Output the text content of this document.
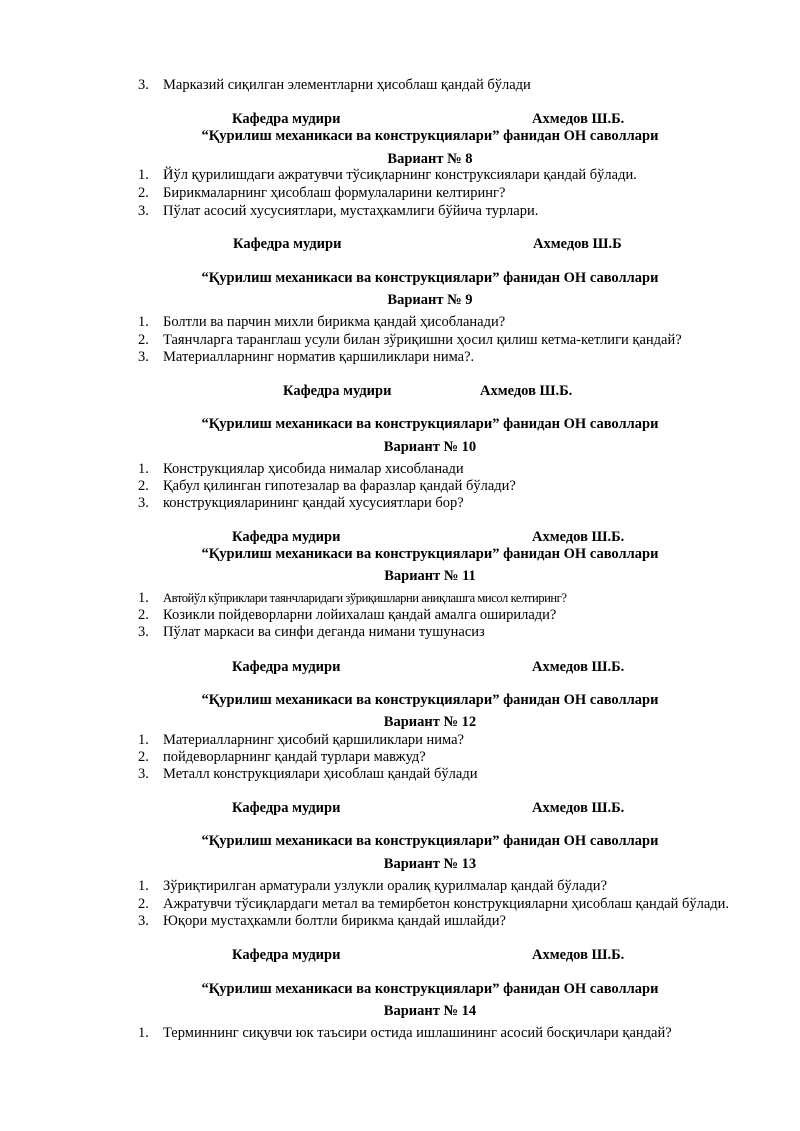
3. Марказий сиқилган элементларни ҳисоблаш қандай бўлади
Кафедра мудири	Ахмедов Ш.Б.
“Қурилиш механикаси ва конструкциялари” фанидан ОН саволлари
Вариант № 8
1. Йўл қурилишдаги ажратувчи тўсиқларнинг конструксиялари қандай бўлади.
2. Бирикмаларнинг ҳисоблаш формулаларини келтиринг?
3. Пўлат асосий хусусиятлари, мустаҳкамлиги бўйича турлари.
Кафедра мудири	Ахмедов Ш.Б
“Қурилиш механикаси ва конструкциялари” фанидан ОН саволлари
Вариант № 9
1. Болтли ва парчин михли бирикма қандай ҳисобланади?
2. Таянчларга таранглаш усули билан зўриқишни ҳосил қилиш кетма-кетлиги қандай?
3. Материалларнинг норматив қаршиликлари нима?.
Кафедра мудири	Ахмедов Ш.Б.
“Қурилиш механикаси ва конструкциялари” фанидан ОН саволлари
Вариант № 10
1. Конструкциялар ҳисобида нималар хисобланади
2. Қабул қилинган гипотезалар ва фаразлар қандай бўлади?
3. конструкцияларининг қандай хусусиятлари бор?
Кафедра мудири	Ахмедов Ш.Б.
“Қурилиш механикаси ва конструкциялари” фанидан ОН саволлари
Вариант № 11
1. Автойўл кўприклари таянчларидаги зўриқишларни аниқлашга мисол келтиринг?
2. Козикли пойдеворларни лойихалаш қандай амалга оширилади?
3. Пўлат маркаси ва синфи деганда нимани тушунасиз
Кафедра мудири	Ахмедов Ш.Б.
“Қурилиш механикаси ва конструкциялари” фанидан ОН саволлари
Вариант № 12
1. Материалларнинг ҳисобий қаршиликлари нима?
2. пойдеворларнинг қандай турлари мавжуд?
3. Металл конструкциялари ҳисоблаш қандай бўлади
Кафедра мудири	Ахмедов Ш.Б.
“Қурилиш механикаси ва конструкциялари” фанидан ОН саволлари
Вариант № 13
1. Зўриқтирилган арматурали узлукли оралиқ қурилмалар қандай бўлади?
2. Ажратувчи тўсиқлардаги метал ва темирбетон конструкцияларни ҳисоблаш қандай бўлади.
3. Юқори мустаҳкамли болтли бирикма қандай ишлайди?
Кафедра мудири	Ахмедов Ш.Б.
“Қурилиш механикаси ва конструкциялари” фанидан ОН саволлари
Вариант № 14
1. Терминнинг сиқувчи юк таъсири остида ишлашининг асосий босқичлари қандай?
